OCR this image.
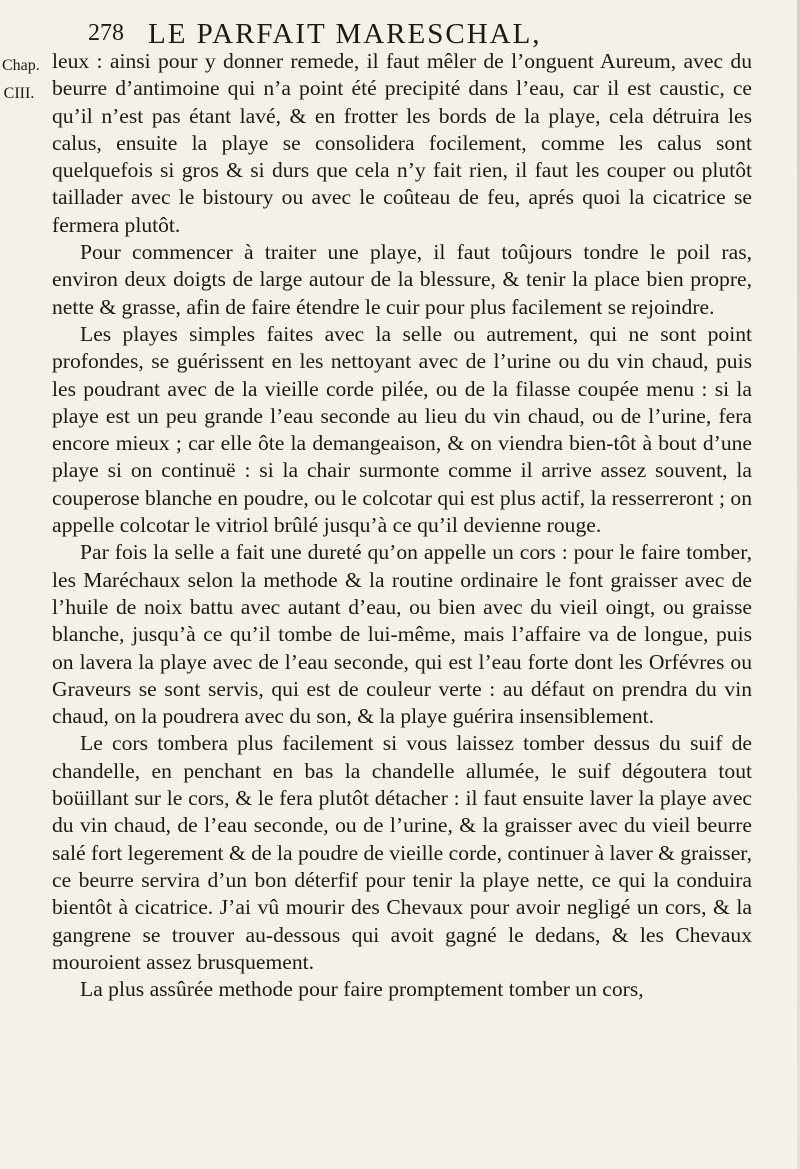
278 LE PARFAIT MARESCHAL,
Chap.
CIII.

leux : ainsi pour y donner remede, il faut mêler de l’onguent Aureum, avec du beurre d’antimoine qui n’a point été precipité dans l’eau, car il est caustic, ce qu’il n’est pas étant lavé, & en frotter les bords de la playe, cela détruira les calus, ensuite la playe se consolidera focilement, comme les calus sont quelquefois si gros & si durs que cela n’y fait rien, il faut les couper ou plutôt taillader avec le bistoury ou avec le coûteau de feu, aprés quoi la cicatrice se fermera plutôt.

Pour commencer à traiter une playe, il faut toûjours tondre le poil ras, environ deux doigts de large autour de la blessure, & tenir la place bien propre, nette & grasse, afin de faire étendre le cuir pour plus facilement se rejoindre.

Les playes simples faites avec la selle ou autrement, qui ne sont point profondes, se guérissent en les nettoyant avec de l’urine ou du vin chaud, puis les poudrant avec de la vieille corde pilée, ou de la filasse coupée menu : si la playe est un peu grande l’eau seconde au lieu du vin chaud, ou de l’urine, fera encore mieux ; car elle ôte la demangeaison, & on viendra bien-tôt à bout d’une playe si on continuë : si la chair surmonte comme il arrive assez souvent, la couperose blanche en poudre, ou le colcotar qui est plus actif, la resserreront ; on appelle colcotar le vitriol brûlé jusqu’à ce qu’il devienne rouge.

Par fois la selle a fait une dureté qu’on appelle un cors : pour le faire tomber, les Maréchaux selon la methode & la routine ordinaire le font graisser avec de l’huile de noix battu avec autant d’eau, ou bien avec du vieil oingt, ou graisse blanche, jusqu’à ce qu’il tombe de lui-même, mais l’affaire va de longue, puis on lavera la playe avec de l’eau seconde, qui est l’eau forte dont les Orfévres ou Graveurs se sont servis, qui est de couleur verte : au défaut on prendra du vin chaud, on la poudrera avec du son, & la playe guérira insensiblement.

Le cors tombera plus facilement si vous laissez tomber dessus du suif de chandelle, en penchant en bas la chandelle allumée, le suif dégoutera tout boüillant sur le cors, & le fera plutôt détacher : il faut ensuite laver la playe avec du vin chaud, de l’eau seconde, ou de l’urine, & la graisser avec du vieil beurre salé fort legerement & de la poudre de vieille corde, continuer à laver & graisser, ce beurre servira d’un bon déterfif pour tenir la playe nette, ce qui la conduira bientôt à cicatrice. J’ai vû mourir des Chevaux pour avoir negligé un cors, & la gangrene se trouver au-dessous qui avoit gagné le dedans, & les Chevaux mouroient assez brusquement.

La plus assûrée methode pour faire promptement tomber un cors,
